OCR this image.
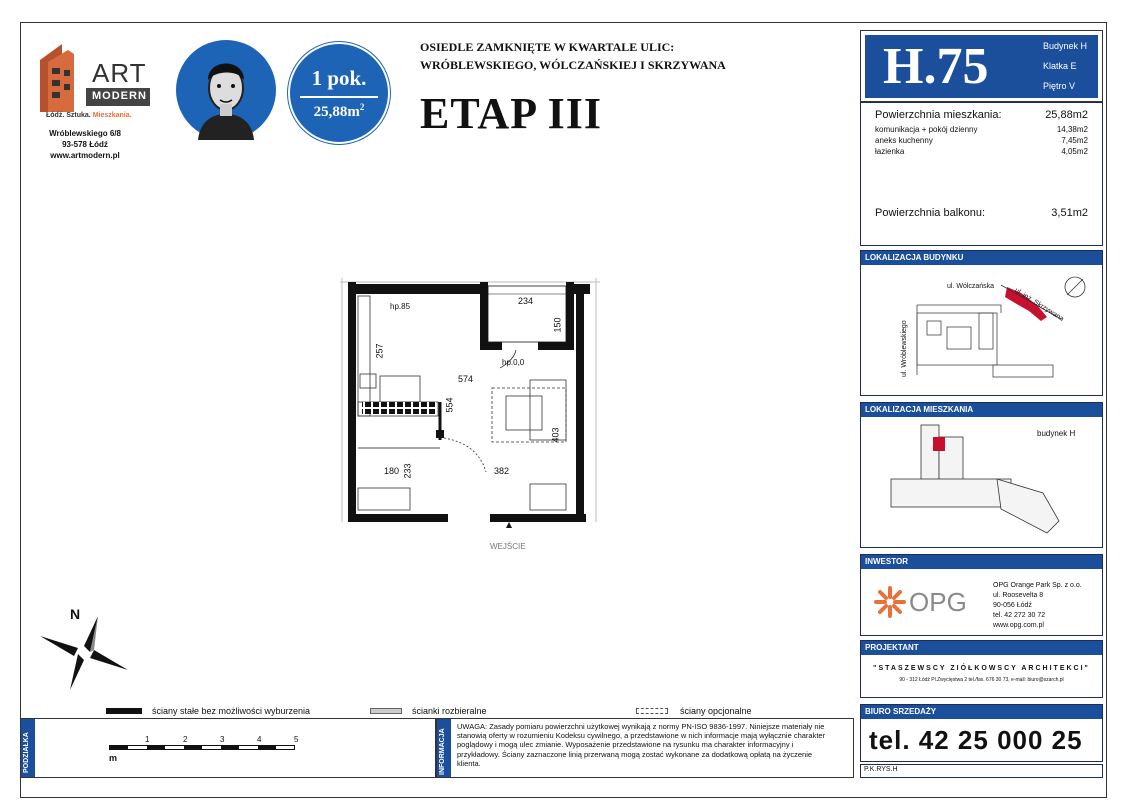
ART
MODERN
Łódź. Sztuka. Mieszkania.
Wróblewskiego 6/8
93-578 Łódź
www.artmodern.pl
1 pok.
$25,88m^2$
OSIEDLE ZAMKNIĘTE W KWARTALE ULIC:
WRÓBLEWSKIEGO, WÓLCZAŃSKIEJ I SKRZYWANA
ETAP III
H.75	Budynek H
Klatka E
Piętro V
Powierzchnia mieszkania:	25,88m2
komunikacja + pokój dzienny	14,38m2
aneks kuchenny	7,45m2
łazienka	4,05m2
Powierzchnia balkonu:	3,51m2
LOKALIZACJA BUDYNKU
ul. Wólczańska
ul. inż. Skrzywana
ul. Wróblewskiego
LOKALIZACJA MIESZKANIA
budynek H
INWESTOR
OPG
OPG Orange Park Sp. z o.o.
ul. Roosevelta 8
90-056 Łódź
tel. 42 272 30 72
www.opg.com.pl
PROJEKTANT
"STASZEWSCY ZIÓŁKOWSCY ARCHITEKCI"
90 - 312 Łódź Pl.Zwycięstwa 2 tel./fax. 676 30 73, e-mail: biuro@szarch.pl
BIURO SRZEDAŻY
tel. 42 25 000 25
P.K.RYS.H
234
150
257
574
554
403
180 233	382
hp.85
hp.0,0
WEJŚCIE
N
ściany stałe bez możliwości wyburzenia	ścianki rozbieralne	ściany opcjonalne
PODZIAŁKA	1	2	3	4	5
m	INFORMACJA
UWAGA: Zasady pomiaru powierzchni użytkowej wynikają z normy PN-ISO 9836-1997. Niniejsze materiały nie stanowią oferty w rozumieniu Kodeksu cywilnego, a przedstawione w nich informacje mają wyłącznie charakter poglądowy i mogą ulec zmianie. Wyposażenie przedstawione na rysunku ma charakter informacyjny i przykładowy. Ściany zaznaczone linią przerwaną mogą zostać wykonane za dodatkową opłatą na życzenie klienta.
